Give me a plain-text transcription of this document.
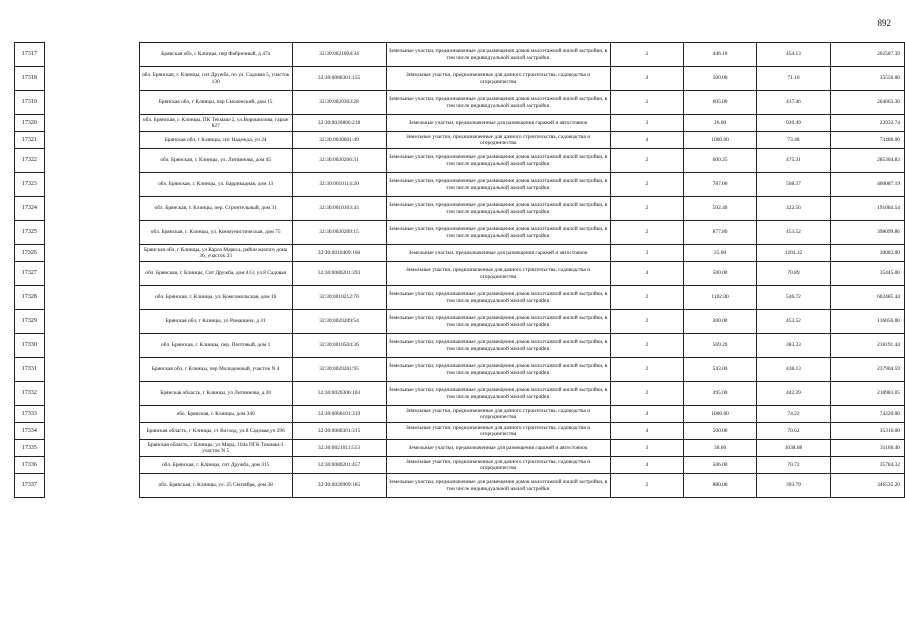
892
17317		Брянская обл, г Клинцы, пер Фабричный, д 47а	32:30:0021004:34	Земельные участки, предназначенные для размещения домов малоэтажной жилой застройки, в том числе индивидуальной жилой застройки	2	446.10	454.13	202587.39
17318		обл. Брянская, г. Клинцы, снт Дружба, по ул. Садовая 5, участок 130	32:30:0080301:155	Земельные участки, предназначенные для дачного строительства, садоводства и огородничества	4	500.00	71.10	35550.00
17319		Брянская обл, г Клинцы, пер Смоленский, дом 15	32:30:0020303:28	Земельные участки, предназначенные для размещения домов малоэтажной жилой застройки, в том числе индивидуальной жилой застройки	2	605.00	437.46	264663.30
17320		обл. Брянская, г. Клинцы, ПК Текмаш-2, ул.Ворошилова, гараж 827	32:30:0020806:218	Земельные участки, предназначенные для размещения гаражей и автостоянок	3	26.00	920.49	23932.74
17321		Брянская обл, г Клинцы, снт Надежда, уч 24	32:30:0030601:49	Земельные участки, предназначенные для дачного строительства, садоводства и огородничества	4	1000.00	73.48	73480.00
17322		обл. Брянская, г. Клинцы, ул. Литвинова, дом 45	32:30:0020206:31	Земельные участки, предназначенные для размещения домов малоэтажной жилой застройки, в том числе индивидуальной жилой застройки	2	600.25	475.31	285304.83
17323		обл. Брянская, г. Клинцы, ул. Баррикадная, дом 13	32:30:0010114:20	Земельные участки, предназначенные для размещения домов малоэтажной жилой застройки, в том числе индивидуальной жилой застройки	2	787.00	508.37	400087.19
17324		обл. Брянская, г. Клинцы, пер. Строительный, дом 31	32:30:0010103:43	Земельные участки, предназначенные для размещения домов малоэтажной жилой застройки, в том числе индивидуальной жилой застройки	2	592.40	322.56	191084.54
17325		обл. Брянская, г. Клинцы, ул. Коммунистическая, дом 75	32:30:0020209:15	Земельные участки, предназначенные для размещения домов малоэтажной жилой застройки, в том числе индивидуальной жилой застройки	2	877.80	453.52	398099.86
17326		Брянская обл, г Клинцы, ул Карла Маркса, район жилого дома 36, участок 23	32:30:0010409:166	Земельные участки, предназначенные для размещения гаражей и автостоянок	3	25.00	1203.32	30083.00
17327		обл. Брянская, г. Клинцы, Снт Дружба, дом 413, ул.8 Садовая	32:30:0080201:393	Земельные участки, предназначенные для дачного строительства, садоводства и огородничества	4	500.00	70.89	35445.00
17328		обл. Брянская, г. Клинцы, ул. Комсомольская, дом 16	32:30:0010212:70	Земельные участки, предназначенные для размещения домов малоэтажной жилой застройки, в том числе индивидуальной жилой застройки	2	1102.00	546.72	602485.44
17329		Брянская обл, г Клинцы, ул Ромашина, д 31	32:30:0020209:54	Земельные участки, предназначенные для размещения домов малоэтажной жилой застройки, в том числе индивидуальной жилой застройки	2	300.00	453.52	136056.00
17330		обл. Брянская, г. Клинцы, пер. Почтовый, дом 1	32:30:0010504:36	Земельные участки, предназначенные для размещения домов малоэтажной жилой застройки, в том числе индивидуальной жилой застройки	2	569.20	383.33	218191.44
17331		Брянская обл, г Клинцы, пер Молодежный, участок N 4	32:30:0020201:95	Земельные участки, предназначенные для размещения домов малоэтажной жилой застройки, в том числе индивидуальной жилой застройки	2	543.00	438.13	237904.59
17332		Брянская область, г Клинцы, ул Литвинова, д 20	32:30:0020306:103	Земельные участки, предназначенные для размещения домов малоэтажной жилой застройки, в том числе индивидуальной жилой застройки	2	495.00	442.39	218983.05
17333		обл. Брянская, г. Клинцы, дом 340	32:30:0060101:319	Земельные участки, предназначенные для дачного строительства, садоводства и огородничества	4	1000.00	74.22	74220.00
17334		Брянская область, г Клинцы, ст Восход, ул.8 Садовая,уч 296	32:30:0080301:315	Земельные участки, предназначенные для дачного строительства, садоводства и огородничества	4	500.00	70.62	35310.00
17335		Брянская область, г Клинцы, ул Мира, 104а ПГК Текмаш-3 участок N 5	32:30:0021011:513	Земельные участки, предназначенные для размещения гаражей и автостоянок	3	30.00	1038.68	31160.40
17336		обл. Брянская, г. Клинцы, снт Дружба, дом 315	32:30:0080201:457	Земельные участки, предназначенные для дачного строительства, садоводства и огородничества	4	506.00	70.72	35784.32
17337		обл. Брянская, г. Клинцы, ул. 25 Сентября, дом 38	32:30:0020909:185	Земельные участки, предназначенные для размещения домов малоэтажной жилой застройки, в том числе индивидуальной жилой застройки	2	880.00	393.79	346535.20
